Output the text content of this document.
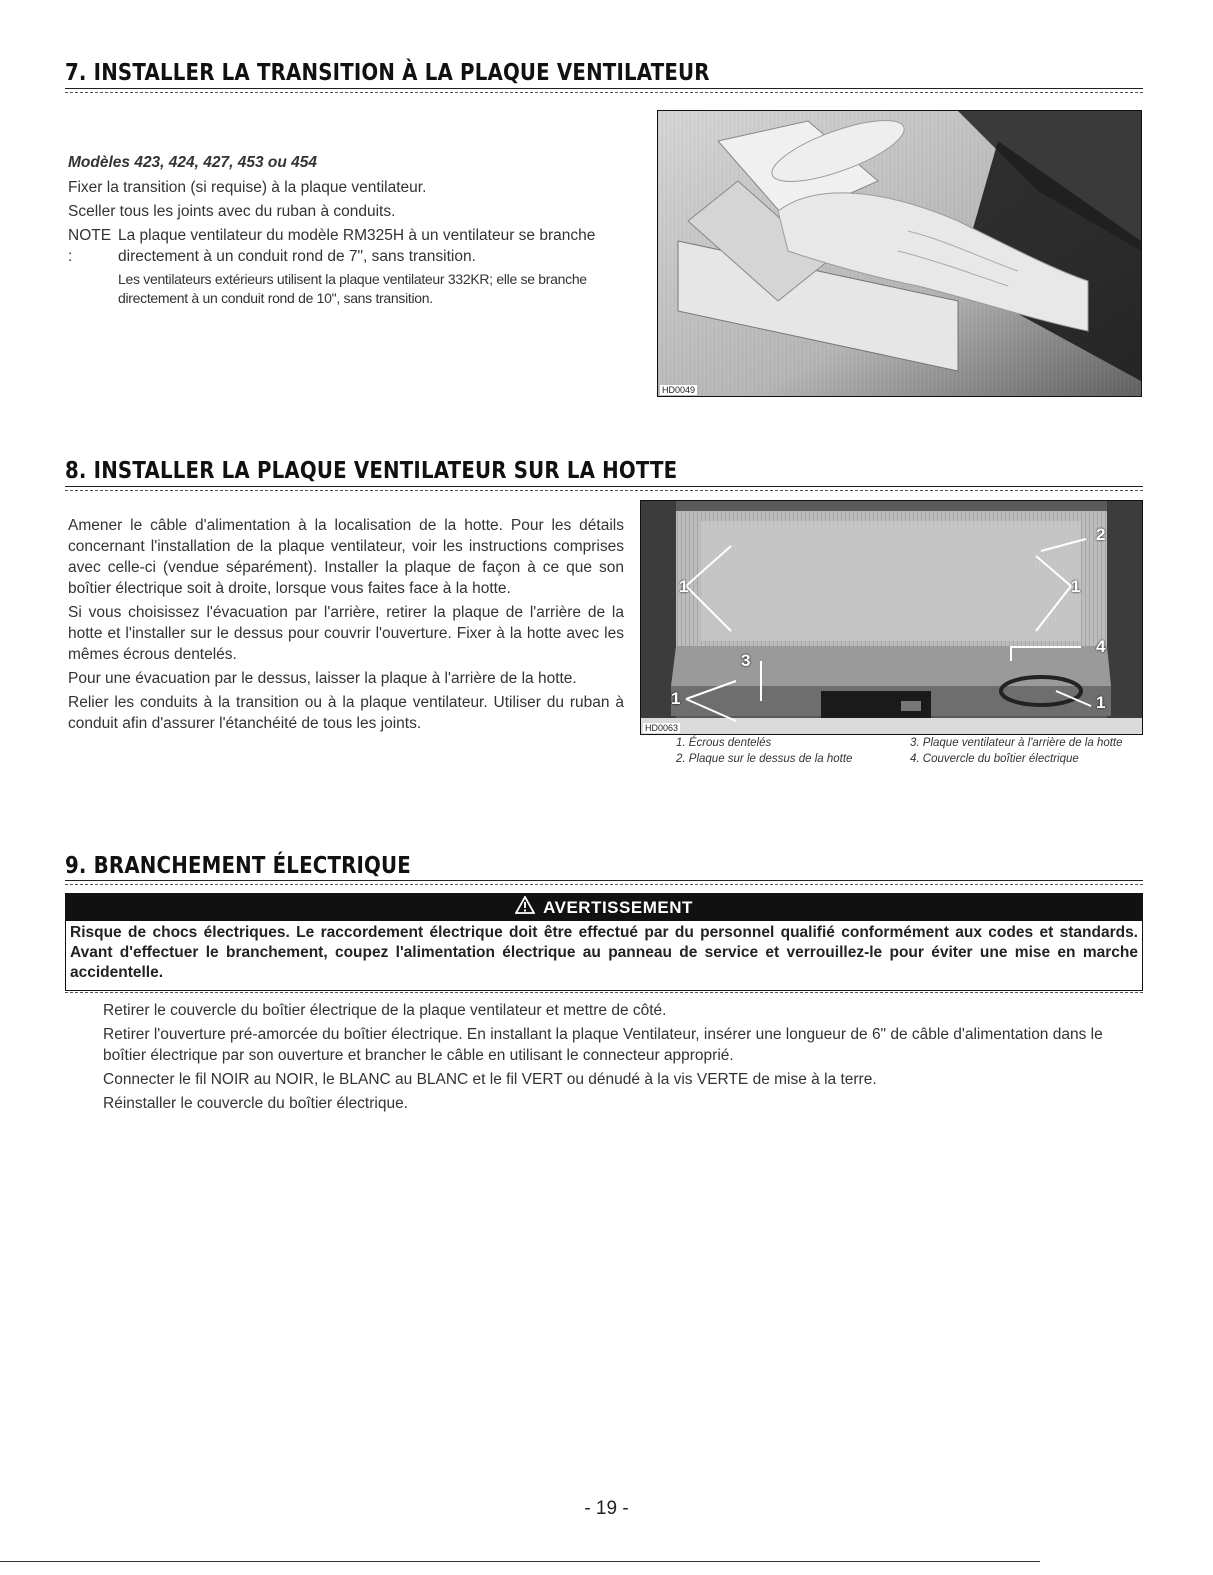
7. INSTALLER LA TRANSITION À LA PLAQUE VENTILATEUR

Modèles 423, 424, 427, 453 ou 454

Fixer la transition (si requise) à la plaque ventilateur.

Sceller tous les joints avec du ruban à conduits.

NOTE :

La plaque ventilateur du modèle RM325H à un ventilateur se branche directement à un conduit rond de 7", sans transition.

Les ventilateurs extérieurs utilisent la plaque ventilateur 332KR; elle se branche directement à un conduit rond de 10", sans transition.

HD0049
8. INSTALLER LA PLAQUE VENTILATEUR SUR LA HOTTE

Amener le câble d'alimentation à la localisation de la hotte. Pour les détails concernant l'installation de la plaque ventilateur, voir les instructions comprises avec celle-ci (vendue séparément). Installer la plaque de façon à ce que son boîtier électrique soit à droite, lorsque vous faites face à la hotte.

Si vous choisissez l'évacuation par l'arrière, retirer la plaque de l'arrière de la hotte et l'installer sur le dessus pour couvrir l'ouverture. Fixer à la hotte avec les mêmes écrous dentelés.

Pour une évacuation par le dessus, laisser la plaque à l'arrière de la hotte.

Relier les conduits à la transition ou à la plaque ventilateur. Utiliser du ruban à conduit afin d'assurer l'étanchéité de tous les joints.

1
2
1
3
4
1	1
HD0063
1. Écrous dentelés
2. Plaque sur le dessus de la hotte
3. Plaque ventilateur à l'arrière de la hotte
4. Couvercle du boîtier électrique
9. BRANCHEMENT ÉLECTRIQUE
AVERTISSEMENT
Risque de chocs électriques. Le raccordement électrique doit être effectué par du personnel qualifié conformément aux codes et standards. Avant d'effectuer le branchement, coupez l'alimentation électrique au panneau de service et verrouillez-le pour éviter une mise en marche accidentelle.

Retirer le couvercle du boîtier électrique de la plaque ventilateur et mettre de côté.

Retirer l'ouverture pré-amorcée du boîtier électrique. En installant la plaque Ventilateur, insérer une longueur de 6" de câble d'alimentation dans le boîtier électrique par son ouverture et brancher le câble en utilisant le connecteur approprié.

Connecter le fil NOIR au NOIR, le BLANC au BLANC et le fil VERT ou dénudé à la vis VERTE de mise à la terre.

Réinstaller le couvercle du boîtier électrique.

- 19 -
